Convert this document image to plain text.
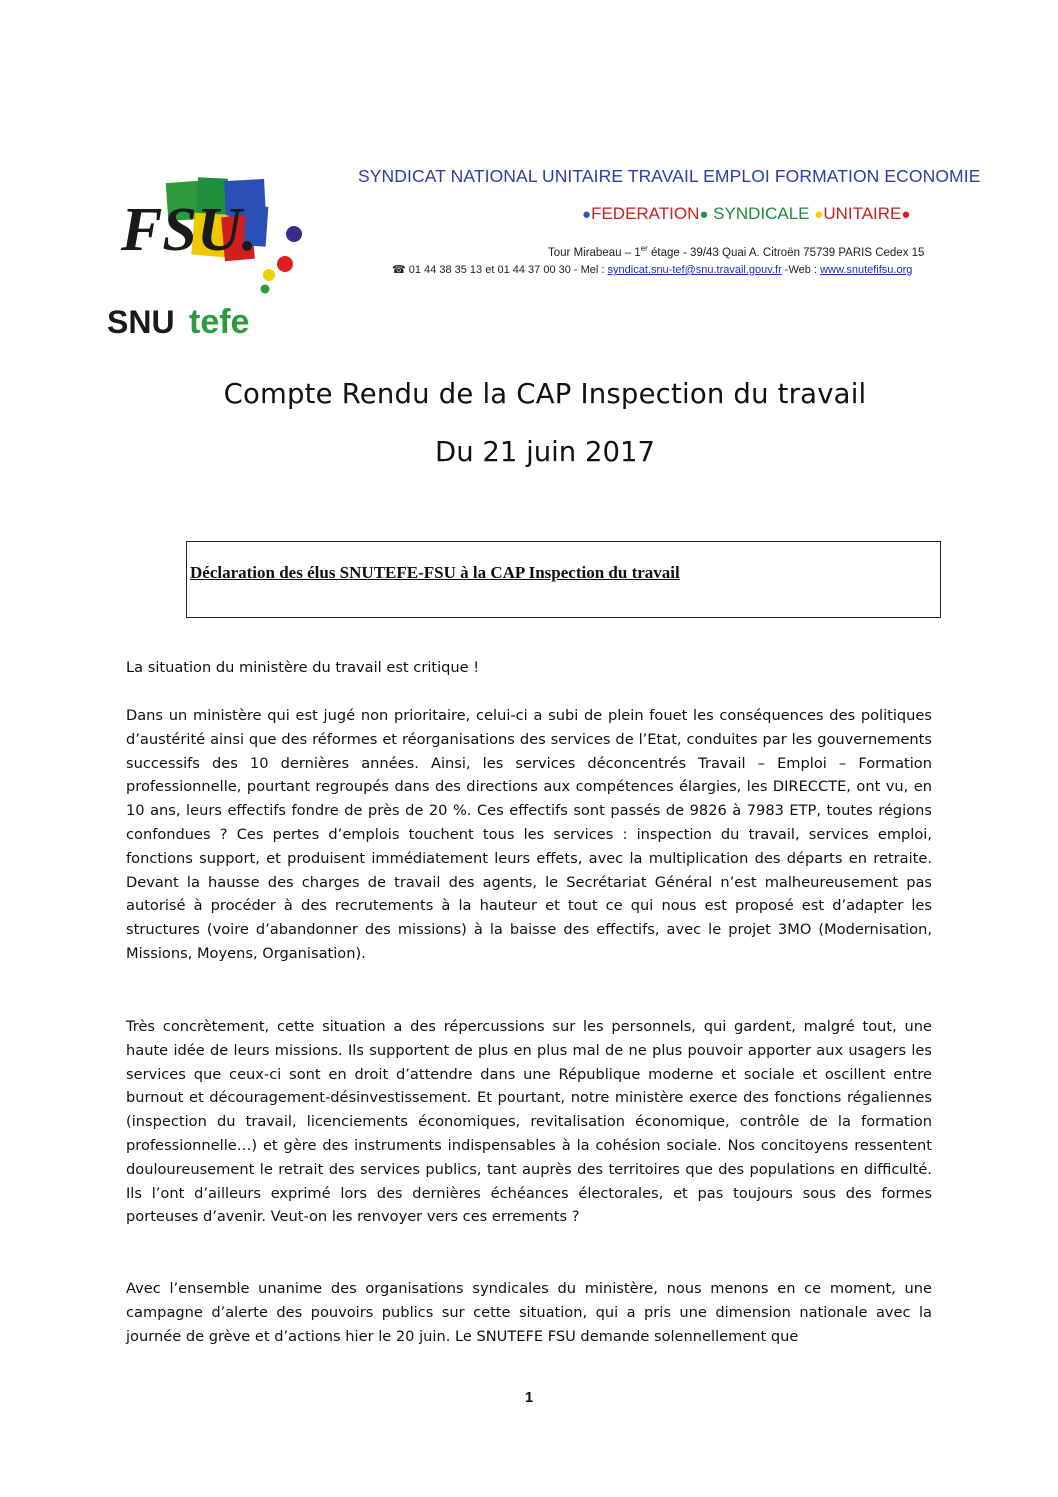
FSU.
SNU tefe
SYNDICAT NATIONAL UNITAIRE TRAVAIL EMPLOI FORMATION ECONOMIE
●FEDERATION● SYNDICALE ●UNITAIRE●
Tour Mirabeau – 1er étage - 39/43 Quai A. Citroën 75739 PARIS Cedex 15
☎ 01 44 38 35 13 et 01 44 37 00 30 - Mel : syndicat.snu-tef@snu.travail.gouv.fr -Web : www.snutefifsu.org
Compte Rendu de la CAP Inspection du travail
Du 21 juin 2017
Déclaration des élus SNUTEFE-FSU à la CAP Inspection du travail

La situation du ministère du travail est critique !

Dans un ministère qui est jugé non prioritaire, celui-ci a subi de plein fouet les conséquences des politiques d’austérité ainsi que des réformes et réorganisations des services de l’Etat, conduites par les gouvernements successifs des 10 dernières années. Ainsi, les services déconcentrés Travail – Emploi – Formation professionnelle, pourtant regroupés dans des directions aux compétences élargies, les DIRECCTE, ont vu, en 10 ans, leurs effectifs fondre de près de 20 %. Ces effectifs sont passés de 9826 à 7983 ETP, toutes régions confondues ? Ces pertes d’emplois touchent tous les services : inspection du travail, services emploi, fonctions support, et produisent immédiatement leurs effets, avec la multiplication des départs en retraite. Devant la hausse des charges de travail des agents, le Secrétariat Général n’est malheureusement pas autorisé à procéder à des recrutements à la hauteur et tout ce qui nous est proposé est d’adapter les structures (voire d’abandonner des missions) à la baisse des effectifs, avec le projet 3MO (Modernisation, Missions, Moyens, Organisation).

Très concrètement, cette situation a des répercussions sur les personnels, qui gardent, malgré tout, une haute idée de leurs missions. Ils supportent de plus en plus mal de ne plus pouvoir apporter aux usagers les services que ceux-ci sont en droit d’attendre dans une République moderne et sociale et oscillent entre burnout et découragement-désinvestissement. Et pourtant, notre ministère exerce des fonctions régaliennes (inspection du travail, licenciements économiques, revitalisation économique, contrôle de la formation professionnelle…) et gère des instruments indispensables à la cohésion sociale. Nos concitoyens ressentent douloureusement le retrait des services publics, tant auprès des territoires que des populations en difficulté. Ils l’ont d’ailleurs exprimé lors des dernières échéances électorales, et pas toujours sous des formes porteuses d’avenir. Veut-on les renvoyer vers ces errements ?

Avec l’ensemble unanime des organisations syndicales du ministère, nous menons en ce moment, une campagne d’alerte des pouvoirs publics sur cette situation, qui a pris une dimension nationale avec la journée de grève et d’actions hier le 20 juin. Le SNUTEFE FSU demande solennellement que

1
